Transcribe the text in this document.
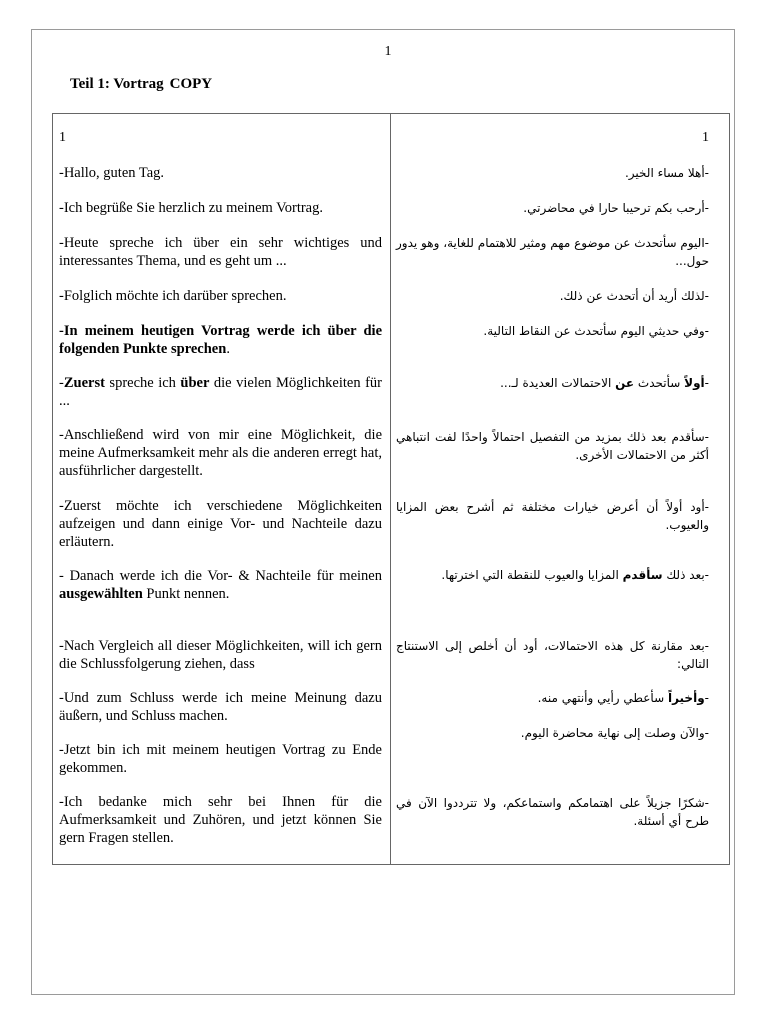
1
Teil 1: Vortrag COPY
1	1
-Hallo, guten Tag.
-Ich begrüße Sie herzlich zu meinem Vortrag.
-Heute spreche ich über ein sehr wichtiges und interessantes Thema, und es geht um ...
-Folglich möchte ich darüber sprechen.
-In meinem heutigen Vortrag werde ich über die folgenden Punkte sprechen.
-Zuerst spreche ich über die vielen Möglichkeiten für ...
-Anschließend wird von mir eine Möglichkeit, die meine Aufmerksamkeit mehr als die anderen erregt hat, ausführlicher dargestellt.
-Zuerst möchte ich verschiedene Möglichkeiten aufzeigen und dann einige Vor- und Nachteile dazu erläutern.
- Danach werde ich die Vor- & Nachteile für meinen ausgewählten Punkt nennen.
-Nach Vergleich all dieser Möglichkeiten, will ich gern die Schlussfolgerung ziehen, dass
-Und zum Schluss werde ich meine Meinung dazu äußern, und Schluss machen.
-Jetzt bin ich mit meinem heutigen Vortrag zu Ende gekommen.
-Ich bedanke mich sehr bei Ihnen für die Aufmerksamkeit und Zuhören, und jetzt können Sie gern Fragen stellen.
-أهلا مساء الخير.
-أرحب بكم ترحيبا حارا في محاضرتي.
-اليوم سأتحدث عن موضوع مهم ومثير للاهتمام للغاية، وهو يدور حول...
-لذلك أريد أن أتحدث عن ذلك.
-وفي حديثي اليوم سأتحدث عن النقاط التالية.
-أولاً سأتحدث عن الاحتمالات العديدة لـ...
-سأقدم بعد ذلك بمزيد من التفصيل احتمالاً واحدًا لفت انتباهي أكثر من الاحتمالات الأخرى.
-أود أولاً أن أعرض خيارات مختلفة ثم أشرح بعض المزايا والعيوب.
-بعد ذلك سأقدم المزايا والعيوب للنقطة التي اخترتها.
-بعد مقارنة كل هذه الاحتمالات، أود أن أخلص إلى الاستنتاج التالي:
-وأخيراً سأعطي رأيي وأنتهي منه.
-والآن وصلت إلى نهاية محاضرة اليوم.
-شكرًا جزيلاً على اهتمامكم واستماعكم، ولا تترددوا الآن في طرح أي أسئلة.
